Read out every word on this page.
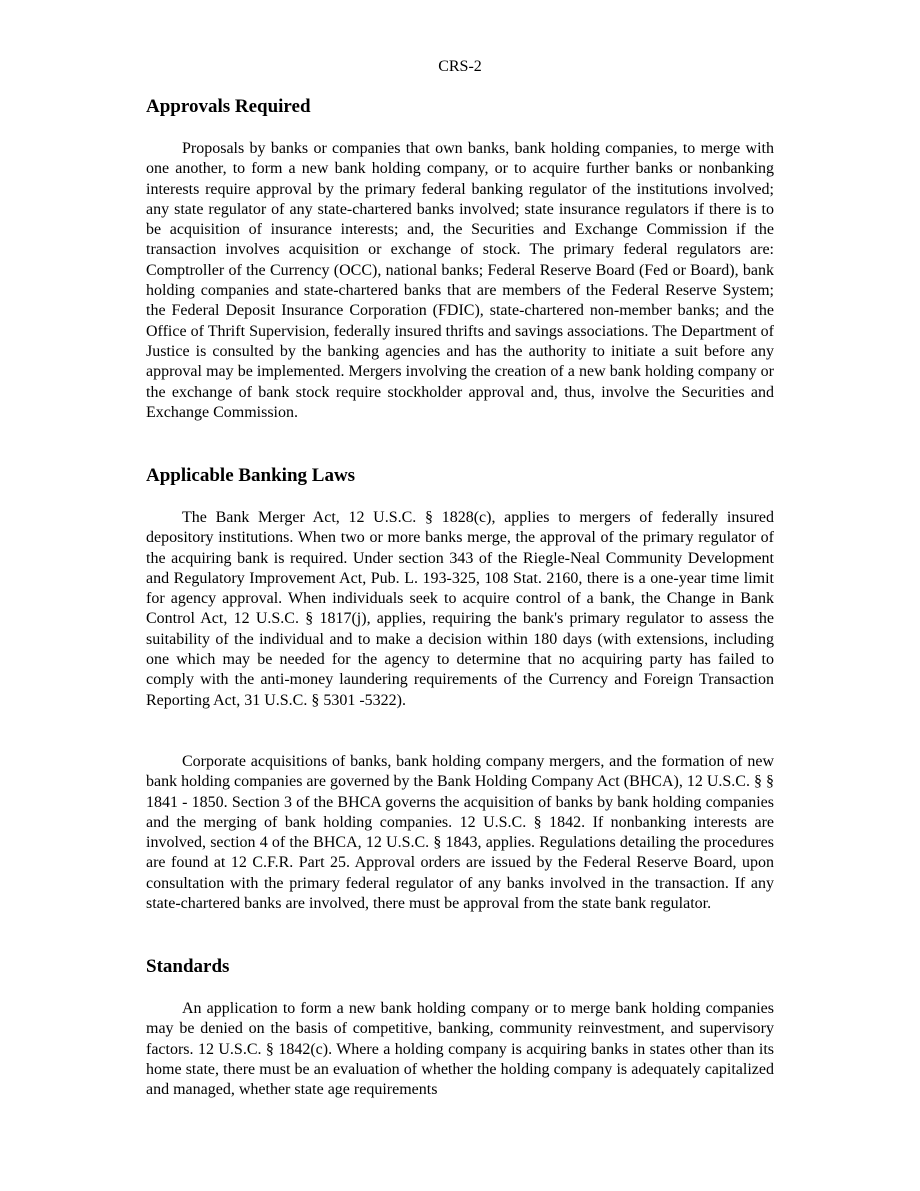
CRS-2
Approvals Required

Proposals by banks or companies that own banks, bank holding companies, to merge with one another, to form a new bank holding company, or to acquire further banks or nonbanking interests require approval by the primary federal banking regulator of the institutions involved; any state regulator of any state-chartered banks involved; state insurance regulators if there is to be acquisition of insurance interests; and, the Securities and Exchange Commission if the transaction involves acquisition or exchange of stock. The primary federal regulators are: Comptroller of the Currency (OCC), national banks; Federal Reserve Board (Fed or Board), bank holding companies and state-chartered banks that are members of the Federal Reserve System; the Federal Deposit Insurance Corporation (FDIC), state-chartered non-member banks; and the Office of Thrift Supervision, federally insured thrifts and savings associations. The Department of Justice is consulted by the banking agencies and has the authority to initiate a suit before any approval may be implemented. Mergers involving the creation of a new bank holding company or the exchange of bank stock require stockholder approval and, thus, involve the Securities and Exchange Commission.

Applicable Banking Laws

The Bank Merger Act, 12 U.S.C. § 1828(c), applies to mergers of federally insured depository institutions. When two or more banks merge, the approval of the primary regulator of the acquiring bank is required. Under section 343 of the Riegle-Neal Community Development and Regulatory Improvement Act, Pub. L. 193-325, 108 Stat. 2160, there is a one-year time limit for agency approval. When individuals seek to acquire control of a bank, the Change in Bank Control Act, 12 U.S.C. § 1817(j), applies, requiring the bank's primary regulator to assess the suitability of the individual and to make a decision within 180 days (with extensions, including one which may be needed for the agency to determine that no acquiring party has failed to comply with the anti-money laundering requirements of the Currency and Foreign Transaction Reporting Act, 31 U.S.C. § 5301 -5322).

Corporate acquisitions of banks, bank holding company mergers, and the formation of new bank holding companies are governed by the Bank Holding Company Act (BHCA), 12 U.S.C. § § 1841 - 1850. Section 3 of the BHCA governs the acquisition of banks by bank holding companies and the merging of bank holding companies. 12 U.S.C. § 1842. If nonbanking interests are involved, section 4 of the BHCA, 12 U.S.C. § 1843, applies. Regulations detailing the procedures are found at 12 C.F.R. Part 25. Approval orders are issued by the Federal Reserve Board, upon consultation with the primary federal regulator of any banks involved in the transaction. If any state-chartered banks are involved, there must be approval from the state bank regulator.

Standards

An application to form a new bank holding company or to merge bank holding companies may be denied on the basis of competitive, banking, community reinvestment, and supervisory factors. 12 U.S.C. § 1842(c). Where a holding company is acquiring banks in states other than its home state, there must be an evaluation of whether the holding company is adequately capitalized and managed, whether state age requirements
